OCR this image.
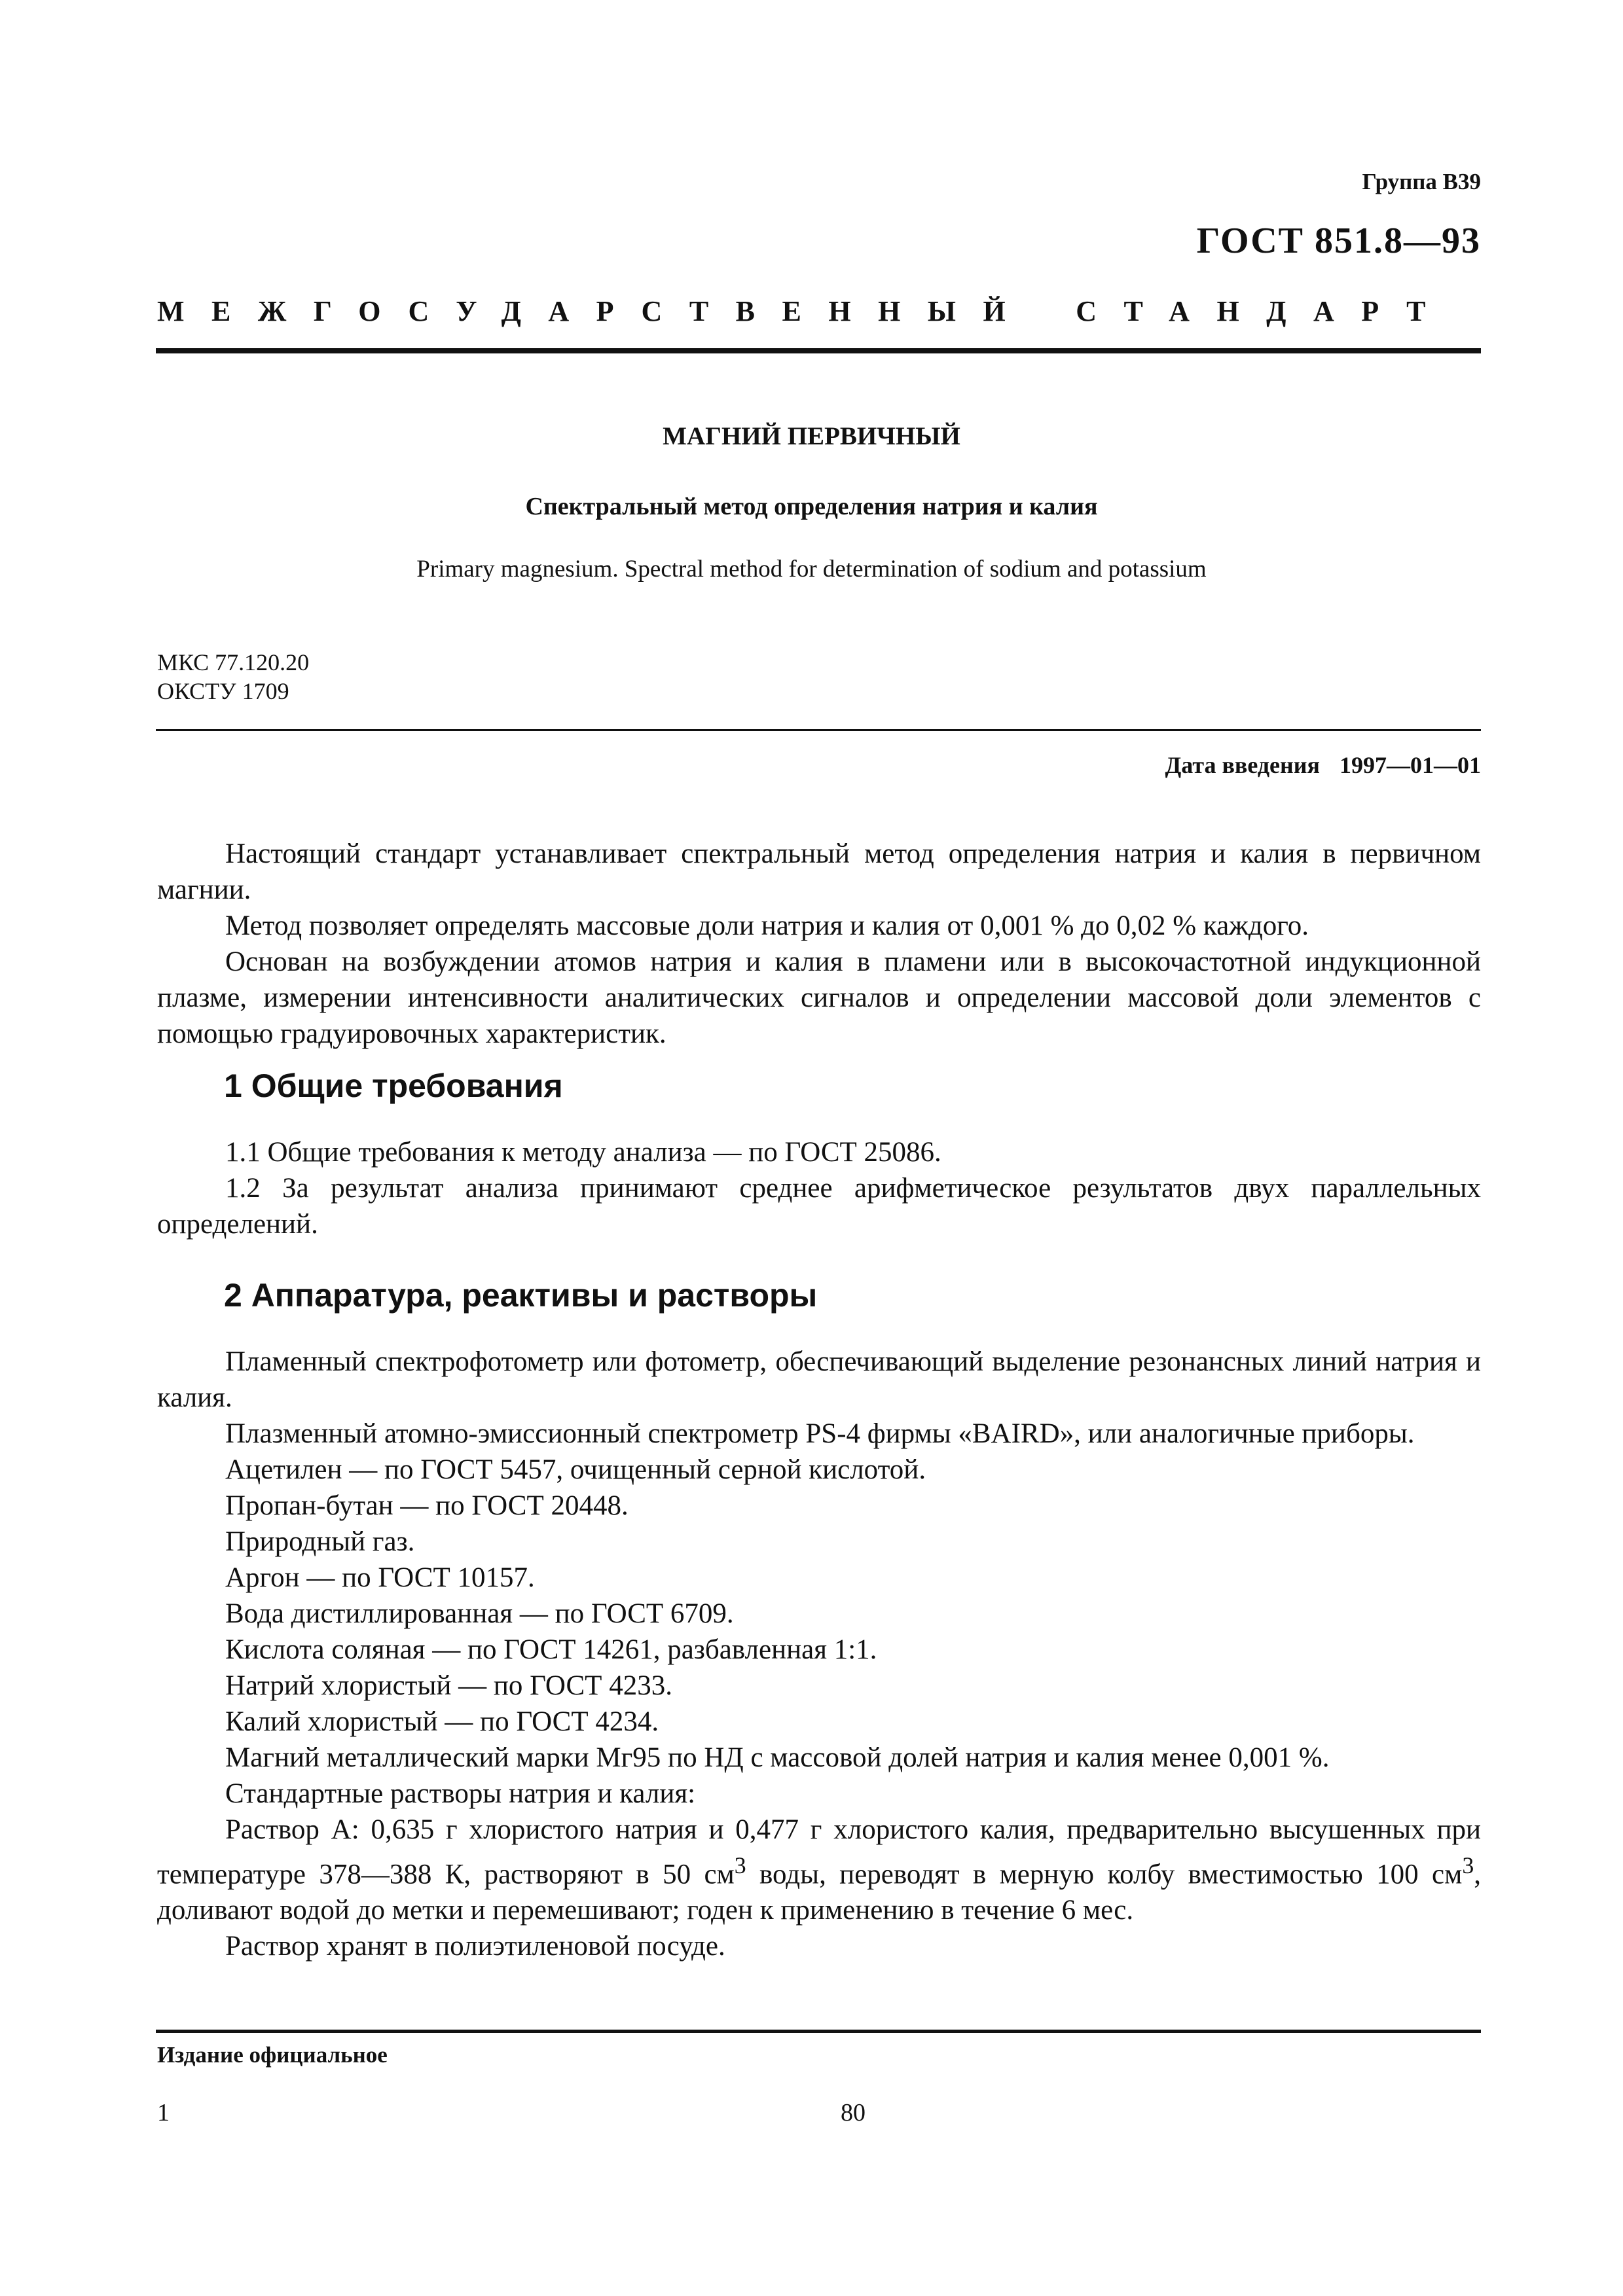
Группа В39
ГОСТ 851.8—93
МЕЖГОСУДАРСТВЕННЫЙ СТАНДАРТ
МАГНИЙ ПЕРВИЧНЫЙ
Спектральный метод определения натрия и калия
Primary magnesium. Spectral method for determination of sodium and potassium
МКС 77.120.20
ОКСТУ 1709
Дата введения 1997—01—01

Настоящий стандарт устанавливает спектральный метод определения натрия и калия в первичном магнии.

Метод позволяет определять массовые доли натрия и калия от 0,001 % до 0,02 % каждого.

Основан на возбуждении атомов натрия и калия в пламени или в высокочастотной индукционной плазме, измерении интенсивности аналитических сигналов и определении массовой доли элементов с помощью градуировочных характеристик.

1 Общие требования

1.1 Общие требования к методу анализа — по ГОСТ 25086.

1.2 За результат анализа принимают среднее арифметическое результатов двух параллельных определений.

2 Аппаратура, реактивы и растворы

Пламенный спектрофотометр или фотометр, обеспечивающий выделение резонансных линий натрия и калия.

Плазменный атомно-эмиссионный спектрометр PS-4 фирмы «BAIRD», или аналогичные приборы.

Ацетилен — по ГОСТ 5457, очищенный серной кислотой.

Пропан-бутан — по ГОСТ 20448.

Природный газ.

Аргон — по ГОСТ 10157.

Вода дистиллированная — по ГОСТ 6709.

Кислота соляная — по ГОСТ 14261, разбавленная 1:1.

Натрий хлористый — по ГОСТ 4233.

Калий хлористый — по ГОСТ 4234.

Магний металлический марки Мг95 по НД с массовой долей натрия и калия менее 0,001 %.

Стандартные растворы натрия и калия:

Раствор А: 0,635 г хлористого натрия и 0,477 г хлористого калия, предварительно высушенных при температуре 378—388 К, растворяют в 50 $см^3$ воды, переводят в мерную колбу вместимостью 100 $см^3$, доливают водой до метки и перемешивают; годен к применению в течение 6 мес.

Раствор хранят в полиэтиленовой посуде.

Издание официальное
1	80
